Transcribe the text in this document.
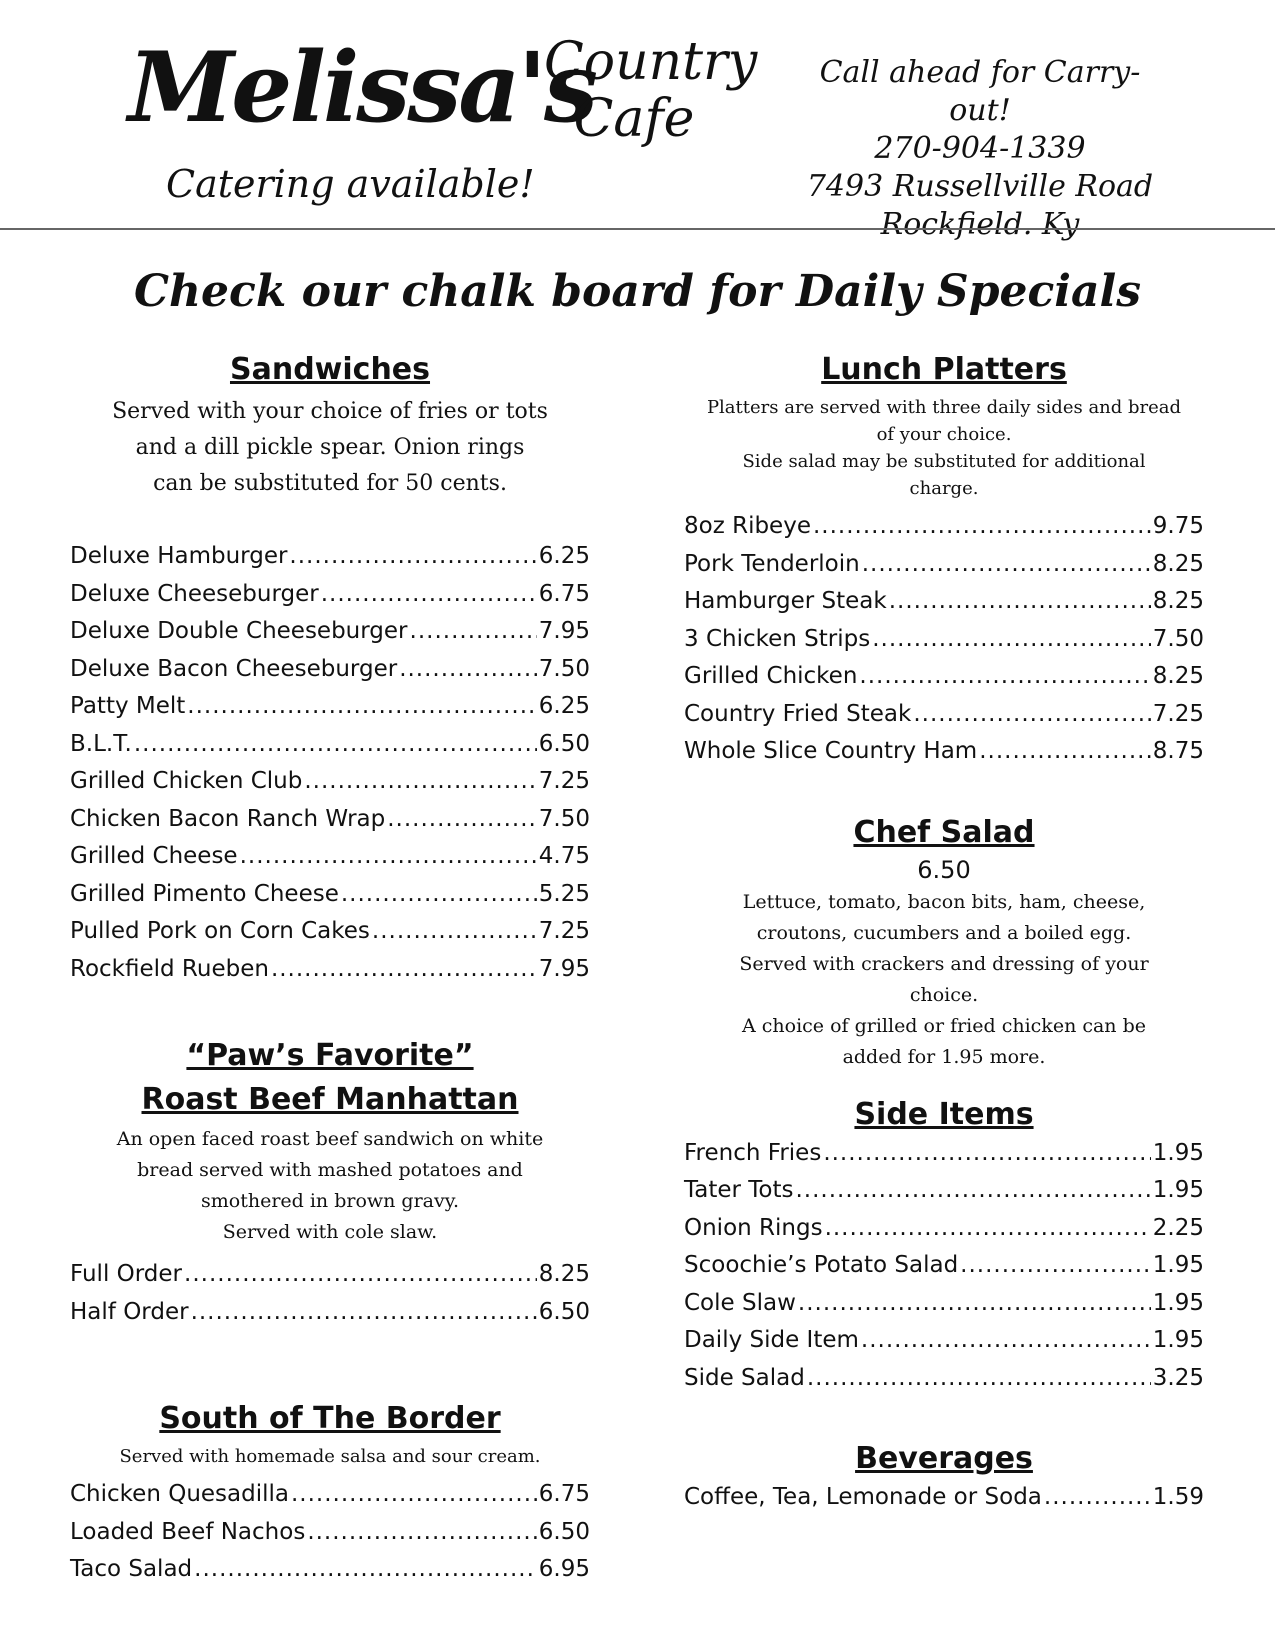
Melissa's
Catering available!
Country
Cafe
Call ahead for Carry-out!
270-904-1339
7493 Russellville Road
Rockfield. Ky
Check our chalk board for Daily Specials
Sandwiches
Served with your choice of fries or tots
and a dill pickle spear. Onion rings
can be substituted for 50 cents.
Deluxe Hamburger .....	6.25
Deluxe Cheeseburger .....	6.75
Deluxe Double Cheeseburger .....	7.95
Deluxe Bacon Cheeseburger .....	7.50
Patty Melt .....	6.25
B.L.T. .....	6.50
Grilled Chicken Club .....	7.25
Chicken Bacon Ranch Wrap .....	7.50
Grilled Cheese .....	4.75
Grilled Pimento Cheese .....	5.25
Pulled Pork on Corn Cakes .....	7.25
Rockfield Rueben .....	7.95
“Paw’s Favorite”
Roast Beef Manhattan
An open faced roast beef sandwich on white
bread served with mashed potatoes and
smothered in brown gravy.
Served with cole slaw.
Full Order .....	8.25
Half Order .....	6.50
South of The Border
Served with homemade salsa and sour cream.
Chicken Quesadilla .....	6.75
Loaded Beef Nachos .....	6.50
Taco Salad .....	6.95
Lunch Platters
Platters are served with three daily sides and bread
of your choice.
Side salad may be substituted for additional
charge.
8oz Ribeye .....	9.75
Pork Tenderloin .....	8.25
Hamburger Steak .....	8.25
3 Chicken Strips .....	7.50
Grilled Chicken .....	8.25
Country Fried Steak .....	7.25
Whole Slice Country Ham .....	8.75
Chef Salad
6.50
Lettuce, tomato, bacon bits, ham, cheese,
croutons, cucumbers and a boiled egg.
Served with crackers and dressing of your
choice.
A choice of grilled or fried chicken can be
added for 1.95 more.
Side Items
French Fries .....	1.95
Tater Tots .....	1.95
Onion Rings .....	2.25
Scoochie’s Potato Salad .....	1.95
Cole Slaw .....	1.95
Daily Side Item .....	1.95
Side Salad .....	3.25
Beverages
Coffee, Tea, Lemonade or Soda .....	1.59
